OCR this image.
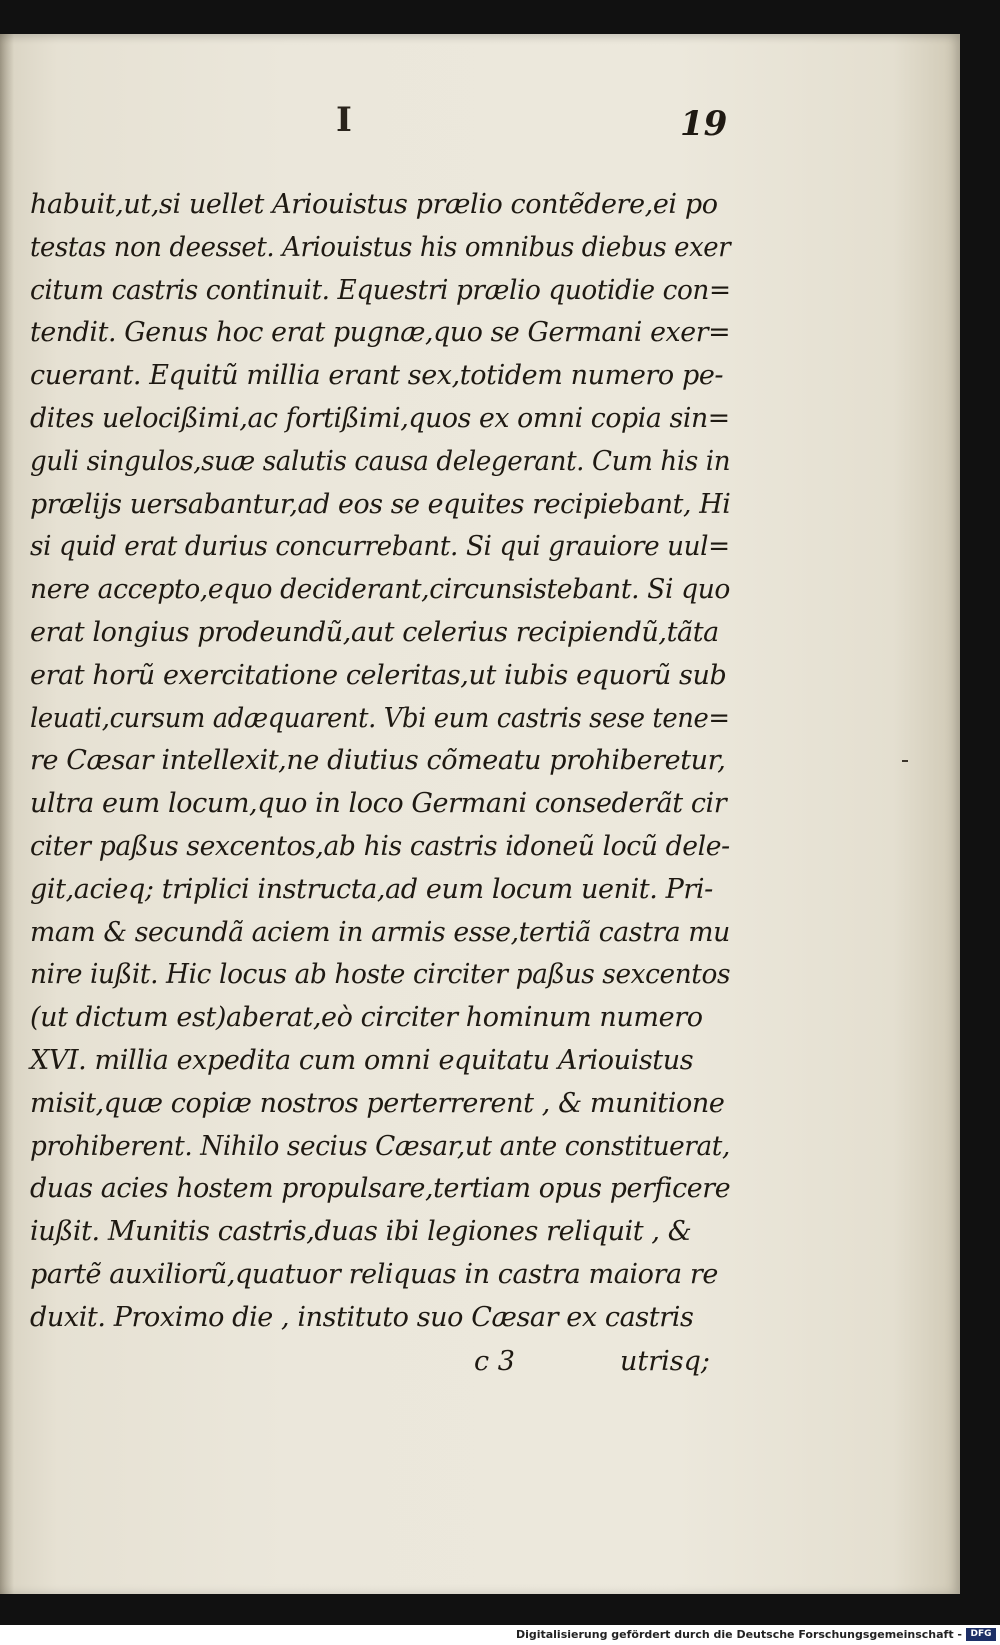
I	19
habuit,ut,si uellet Ariouistus prælio contẽdere,ei po
testas non deesset. Ariouistus his omnibus diebus exer
citum castris continuit. Equestri prælio quotidie con=
tendit. Genus hoc erat pugnæ,quo se Germani exer=
cuerant. Equitũ millia erant sex,totidem numero pe-
dites uelocißimi,ac fortißimi,quos ex omni copia sin=
guli singulos,suæ salutis causa delegerant. Cum his in
prælijs uersabantur,ad eos se equites recipiebant, Hi
si quid erat durius concurrebant. Si qui grauiore uul=
nere accepto,equo deciderant,circunsistebant. Si quo
erat longius prodeundũ,aut celerius recipiendũ,tãta
erat horũ exercitatione celeritas,ut iubis equorũ sub
leuati,cursum adæquarent. Vbi eum castris sese tene=
re Cæsar intellexit,ne diutius cõmeatu prohiberetur,
ultra eum locum,quo in loco Germani consederãt cir
citer paßus sexcentos,ab his castris idoneũ locũ dele-
git,acieq; triplici instructa,ad eum locum uenit. Pri-
mam & secundã aciem in armis esse,tertiã castra mu
nire iußit. Hic locus ab hoste circiter paßus sexcentos
(ut dictum est)aberat,eò circiter hominum numero
XVI. millia expedita cum omni equitatu Ariouistus
misit,quæ copiæ nostros perterrerent , & munitione
prohiberent. Nihilo secius Cæsar,ut ante constituerat,
duas acies hostem propulsare,tertiam opus perficere
iußit. Munitis castris,duas ibi legiones reliquit , &
partẽ auxiliorũ,quatuor reliquas in castra maiora re
duxit. Proximo die , instituto suo Cæsar ex castris
c 3	utrisq;
Digitalisierung gefördert durch die Deutsche Forschungsgemeinschaft - DFG
